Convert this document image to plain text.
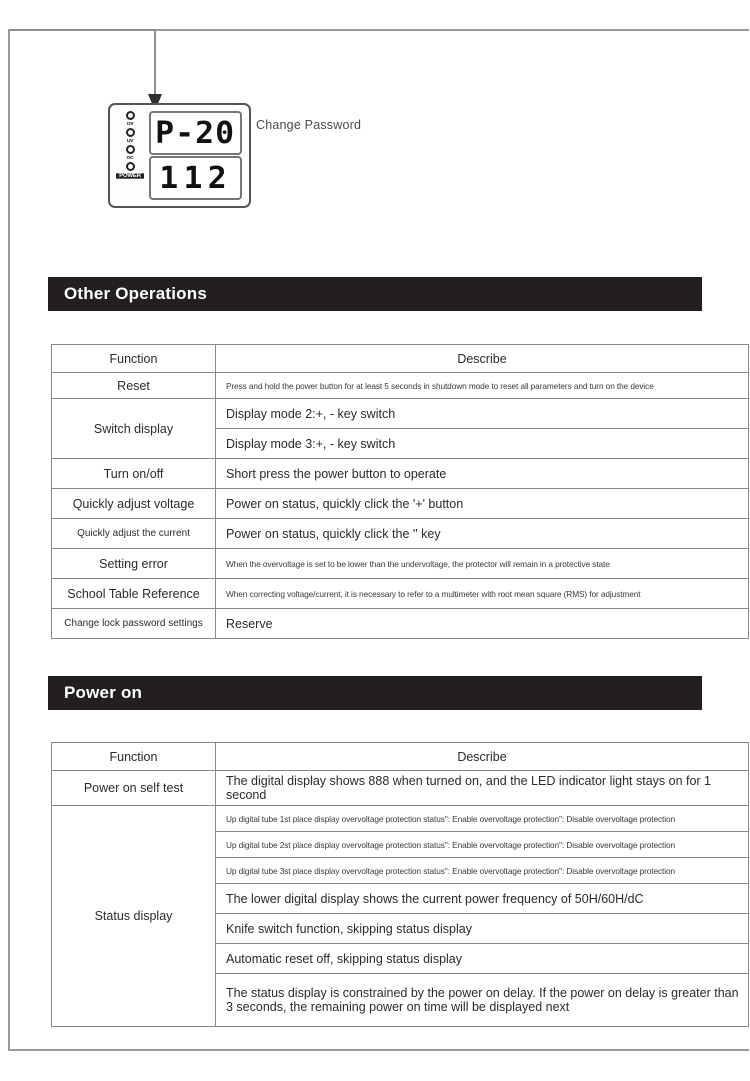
OV
UV
OC
POWER
P-20
112
Change Password
Other Operations
Function	Describe

Reset	Press and hold the power button for at least 5 seconds in shutdown mode to reset all parameters and turn on the device

Switch display	Display mode 2:+, - key switch

	Display mode 3:+, - key switch

Turn on/off	Short press the power button to operate

Quickly adjust voltage	Power on status, quickly click the '+' button

Quickly adjust the current	Power on status, quickly click the '' key

Setting error	When the overvoltage is set to be lower than the undervoltage, the protector will remain in a protective state

School Table Reference	When correcting voltage/current, it is necessary to refer to a multimeter with root mean square (RMS) for adjustment

Change lock password settings	Reserve
Power on
Function	Describe

Power on self test	The digital display shows 888 when turned on, and the LED indicator light stays on for 1 second

Status display	Up digital tube 1st place display overvoltage protection status'': Enable overvoltage protection'': Disable overvoltage protection

	Up digital tube 2st place display overvoltage protection status'': Enable overvoltage protection'': Disable overvoltage protection

	Up digital tube 3st place display overvoltage protection status'': Enable overvoltage protection'': Disable overvoltage protection

	The lower digital display shows the current power frequency of 50H/60H/dC

	Knife switch function, skipping status display

	Automatic reset off, skipping status display

	The status display is constrained by the power on delay. If the power on delay is greater than 3 seconds, the remaining power on time will be displayed next
